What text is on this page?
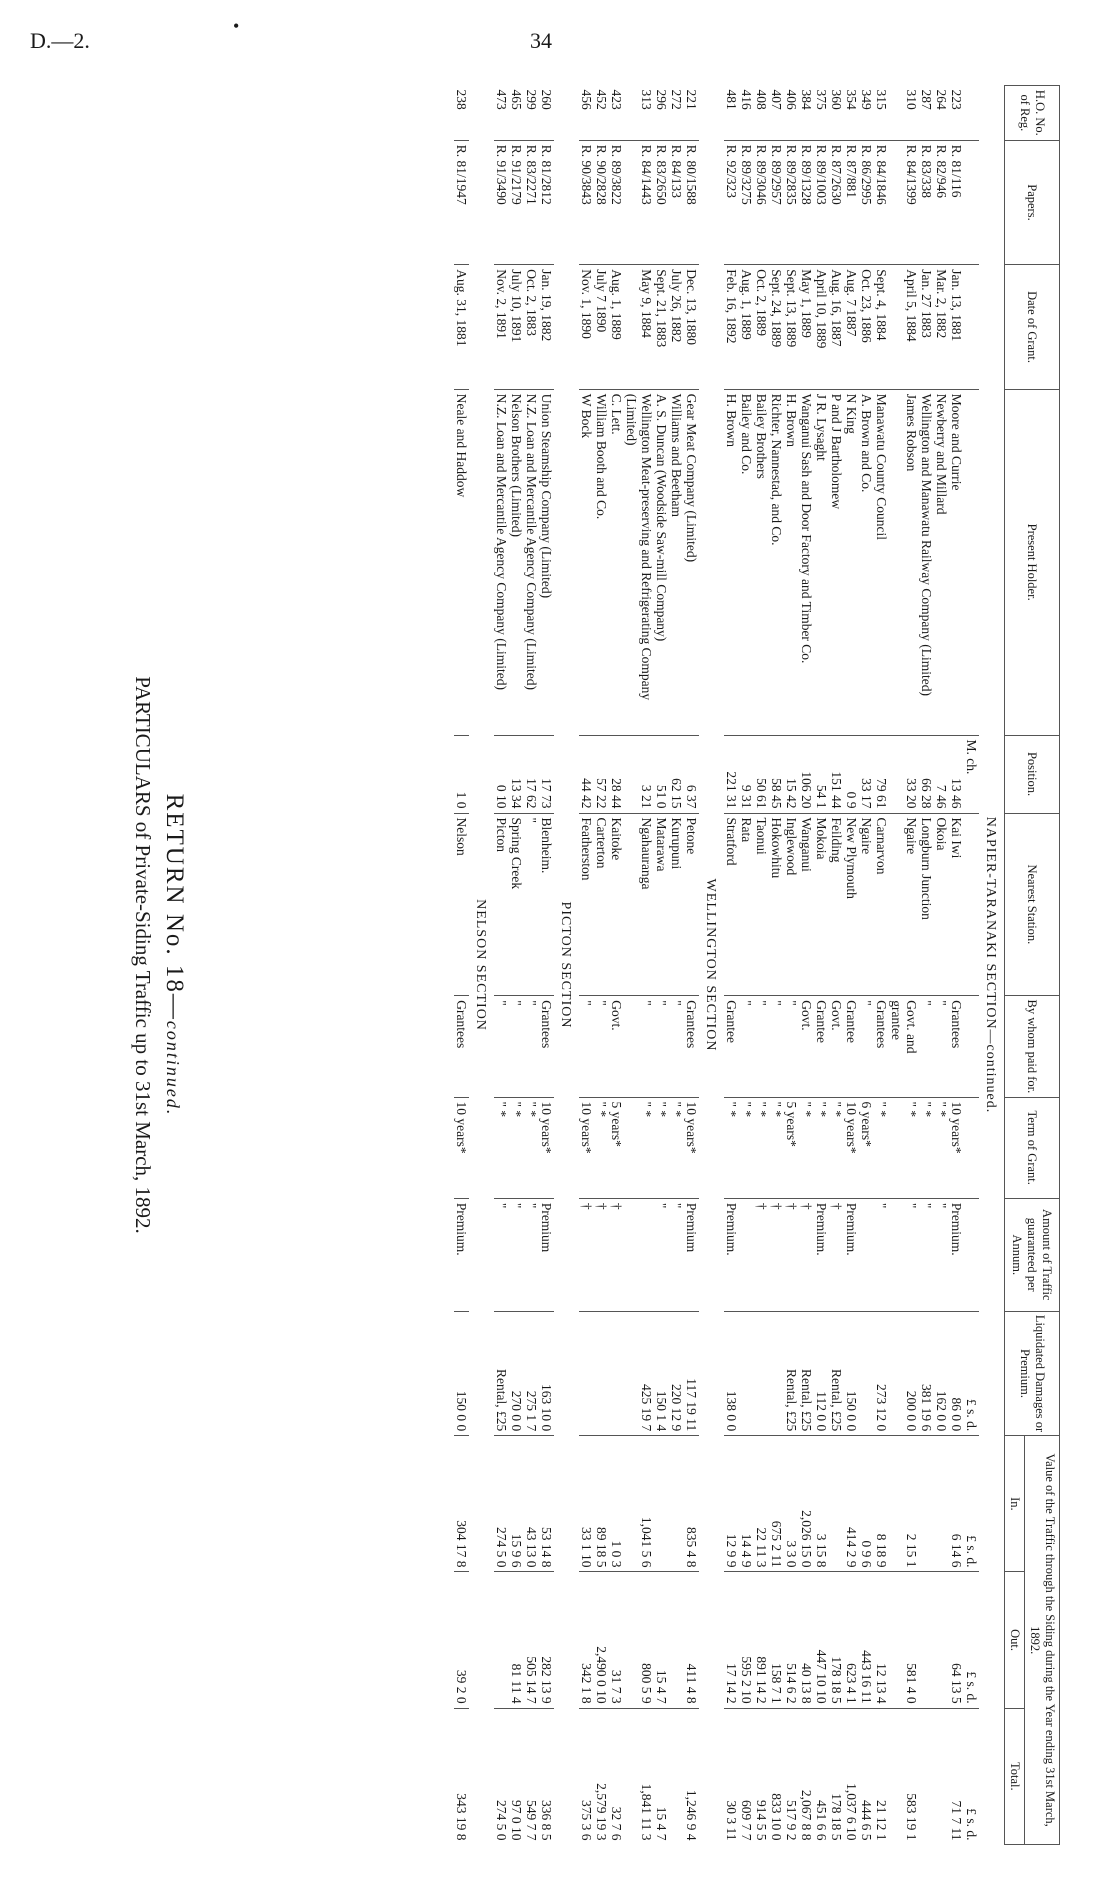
D.—2.	34
•
H.O. No. of Reg.	Papers.	Date of Grant.	Present Holder.	Position.	Nearest Station.	By whom paid for.	Term of Grant.	Amount of Traffic guaranteed per Annum.	Liquidated Damages or Premium.	Value of the Traffic through the Siding during the Year ending 31st March, 1892.		
										In.	Out.	Total.
NAPIER-TARANAKI SECTION—continued.												
				M. ch.					£ s. d.	£ s. d.	£ s. d.	£ s. d.
223	R. 81/116	Jan. 13, 1881	Moore and Currie	13 46	Kai Iwi	Grantees	10 years*	Premium.	86 0 0	6 14 6	64 13 5	71 7 11
264	R. 82/946	Mar. 2, 1882	Newberry and Millard	7 46	Okoia	"	" *	"	162 0 0			
287	R. 83/338	Jan. 27 1883	Wellington and Manawatu Railway Company (Limited)	66 28	Longburn Junction	"	" *	"	381 19 6			
310	R. 84/1399	April 5, 1884	James Robson	33 20	Ngaire	Govt. and grantee	" *	"	200 0 0	2 15 1	581 4 0	583 19 1
315	R. 84/1846	Sept. 4, 1884	Manawatu County Council	79 61	Carnarvon	Grantees	" *	"	273 12 0	8 18 9	12 13 4	21 12 1
349	R. 86/2995	Oct. 23, 1886	A. Brown and Co.	33 17	Ngaire	"	6 years*			0 9 6	443 16 11	444 6 5
354	R. 87/881	Aug. 7 1887	N King	0 9	New Plymouth	Grantee	10 years*	Premium.	150 0 0	414 2 9	623 4 1	1,037 6 10
360	R. 87/2630	Aug. 16, 1887	P and J Bartholomew	151 44	Feilding	Govt.	" *	†	Rental, £25		178 18 5	178 18 5
375	R. 89/1003	April 10, 1889	J R. Lysaght	54 1	Mokoia	Grantee	" *	Premium.	112 0 0	3 15 8	447 10 10	451 6 6
384	R. 89/1328	May 1, 1889	Wanganui Sash and Door Factory and Timber Co.	106 20	Wanganui	Govt.	" *	†	Rental, £25	2,026 15 0	40 13 8	2,067 8 8
406	R. 89/2835	Sept. 13, 1889	H. Brown	15 42	Inglewood	"	5 years*	†	Rental, £25	3 3 0	514 6 2	517 9 2
407	R. 89/2957	Sept. 24, 1889	Richter, Nannestad, and Co.	58 45	Hokowhitu	"	" *	†		675 2 11	158 7 1	833 10 0
408	R. 89/3046	Oct. 2, 1889	Bailey Brothers	50 61	Taonui	"	" *	†		22 11 3	891 14 2	914 5 5
416	R. 89/3275	Aug. 1, 1889	Bailey and Co.	9 31	Rata	"	" *			14 4 9	595 2 10	609 7 7
481	R. 92/323	Feb. 16, 1892	H. Brown	221 31	Stratford	Grantee	" *	Premium.	138 0 0	12 9 9	17 14 2	30 3 11
WELLINGTON SECTION												
221	R. 80/1588	Dec. 13, 1880	Gear Meat Company (Limited)	6 37	Petone	Grantees	10 years*	Premium	117 19 11	835 4 8	411 4 8	1,246 9 4
272	R. 84/133	July 26, 1882	Williams and Beetham	62 15	Kurupuni	"	" *	"	220 12 9			
296	R. 83/2650	Sept. 21, 1883	A. S. Duncan (Woodside Saw-mill Company)	51 0	Matarawa	"	" *	"	150 1 4		15 4 7	15 4 7
313	R. 84/1443	May 9, 1884	Wellington Meat-preserving and Refrigerating Company (Limited)	3 21	Ngahauranga	"	" *		425 19 7	1,041 5 6	800 5 9	1,841 11 3
423	R. 89/3822	Aug. 1, 1889	C. Lett.	28 44	Kaitoke	Govt.	5 years*	†		1 0 3	31 7 3	32 7 6
452	R. 90/2828	July 7 1890	William Booth and Co.	57 22	Carterton	"	" *	†		89 18 5	2,490 0 10	2,579 19 3
456	R. 90/3843	Nov. 1, 1890	W Bock	44 42	Featherston	"	10 years*	†		33 1 10	342 1 8	375 3 6
PICTON SECTION												
260	R. 81/2812	Jan. 19, 1882	Union Steamship Company (Limited)	17 73	Blenheim.	Grantees	10 years*	Premium	163 10 0	53 14 8	282 13 9	336 8 5
299	R. 83/2271	Oct. 2, 1883	N.Z. Loan and Mercantile Agency Company (Limited)	17 62	"	"	" *	"	275 1 7	43 13 0	505 14 7	549 7 7
465	R. 91/2179	July 10, 1891	Nelson Brothers (Limited)	13 34	Spring Creek	"	" *	"	270 0 0	15 9 6	81 11 4	97 0 10
473	R. 91/3490	Nov. 2, 1891	N.Z. Loan and Mercantile Agency Company (Limited)	0 10	Picton	"	" *	"	Rental, £25	274 5 0		274 5 0
NELSON SECTION												
238	R. 81/1947	Aug. 31, 1881	Neale and Haddow	1 0	Nelson	Grantees	10 years*	Premium.	150 0 0	304 17 8	39 2 0	343 19 8
RETURN No. 18—continued.
PARTICULARS of Private-Siding Traffic up to 31st March, 1892.
